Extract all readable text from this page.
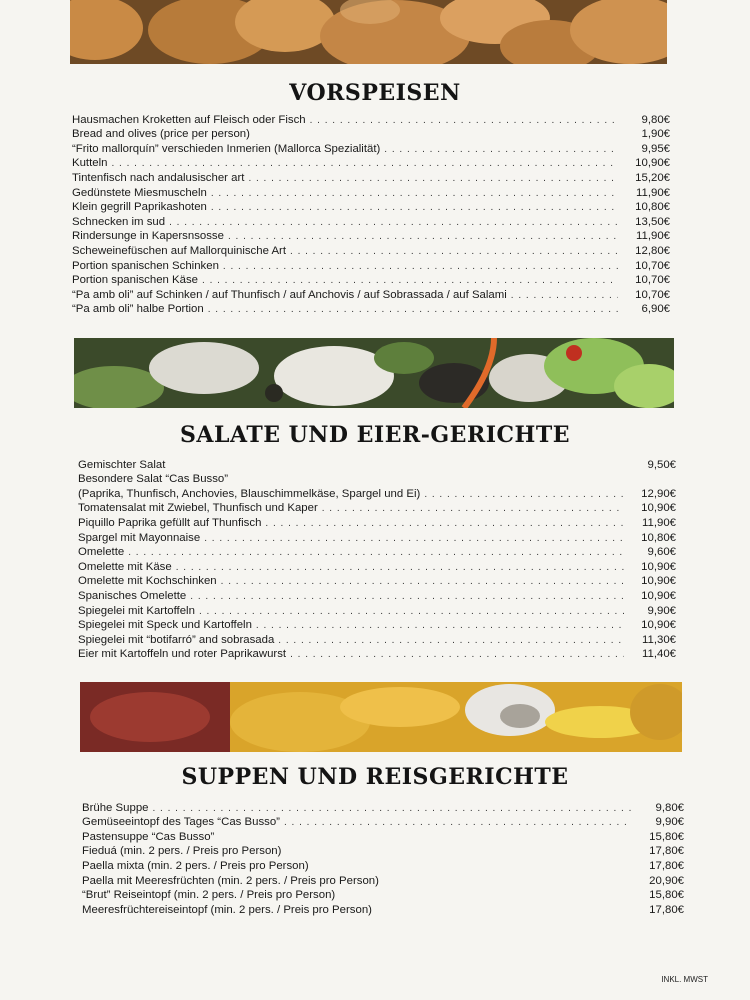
VORSPEISEN
Hausmachen Kroketten auf Fleisch oder Fisch . . .	9,80€
Bread and olives (price per person)	1,90€
“Frito mallorquín” verschieden Inmerien (Mallorca Spezialität) . . .	9,95€
Kutteln . . .	10,90€
Tintenfisch nach andalusischer art . . .	15,20€
Gedünstete Miesmuscheln . . .	11,90€
Klein gegrill Paprikashoten . . .	10,80€
Schnecken im sud . . .	13,50€
Rindersunge in Kapersnsosse . . .	11,90€
Scheweinefüschen auf Mallorquinische Art . . .	12,80€
Portion spanischen Schinken . . .	10,70€
Portion spanischen Käse . . .	10,70€
“Pa amb oli” auf Schinken / auf Thunfisch / auf Anchovis / auf Sobrassada / auf Salami . . .	10,70€
“Pa amb oli” halbe Portion . . .	6,90€
SALATE UND EIER-GERICHTE
Gemischter Salat	9,50€
Besondere Salat “Cas Busso”
(Paprika, Thunfisch, Anchovies, Blauschimmelkäse, Spargel und Ei) . . .	12,90€
Tomatensalat mit Zwiebel, Thunfisch und Kaper . . .	10,90€
Piquillo Paprika gefüllt auf Thunfisch . . .	11,90€
Spargel mit Mayonnaise . . .	10,80€
Omelette . . .	9,60€
Omelette mit Käse . . .	10,90€
Omelette mit Kochschinken . . .	10,90€
Spanisches Omelette . . .	10,90€
Spiegelei mit Kartoffeln . . .	9,90€
Spiegelei mit Speck und Kartoffeln . . .	10,90€
Spiegelei mit “botifarró” and sobrasada . . .	11,30€
Eier mit Kartoffeln und roter Paprikawurst . . .	11,40€
SUPPEN UND REISGERICHTE
Brühe Suppe . . .	9,80€
Gemüseeintopf des Tages “Cas Busso” . . .	9,90€
Pastensuppe “Cas Busso”	15,80€
Fieduá (min. 2 pers. / Preis pro Person)	17,80€
Paella mixta (min. 2 pers. / Preis pro Person)	17,80€
Paella mit Meeresfrüchten (min. 2 pers. / Preis pro Person)	20,90€
“Brut” Reiseintopf (min. 2 pers. / Preis pro Person)	15,80€
Meeresfrüchtereiseintopf (min. 2 pers. / Preis pro Person)	17,80€
INKL. MWST
